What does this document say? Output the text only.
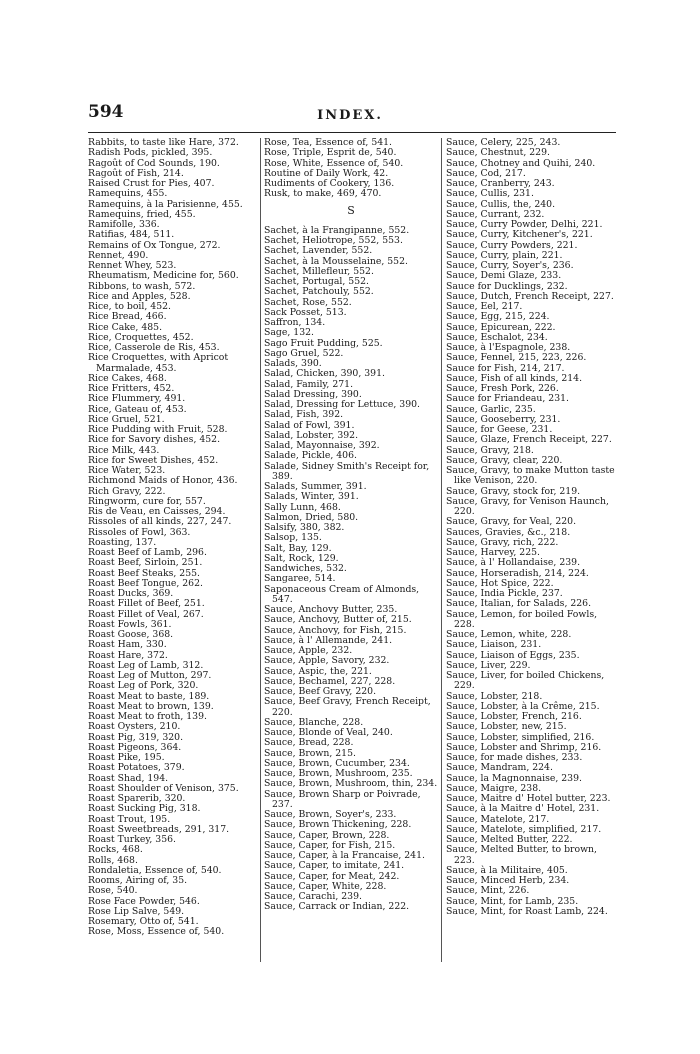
594	INDEX.

Rabbits, to taste like Hare, 372.

Radish Pods, pickled, 395.

Ragoût of Cod Sounds, 190.

Ragoût of Fish, 214.

Raised Crust for Pies, 407.

Ramequins, 455.

Ramequins, à la Parisienne, 455.

Ramequins, fried, 455.

Ramifolle, 336.

Ratifias, 484, 511.

Remains of Ox Tongue, 272.

Rennet, 490.

Rennet Whey, 523.

Rheumatism, Medicine for, 560.

Ribbons, to wash, 572.

Rice and Apples, 528.

Rice, to boil, 452.

Rice Bread, 466.

Rice Cake, 485.

Rice, Croquettes, 452.

Rice, Casserole de Ris, 453.

Rice Croquettes, with Apricot Marmalade, 453.

Rice Cakes, 468.

Rice Fritters, 452.

Rice Flummery, 491.

Rice, Gateau of, 453.

Rice Gruel, 521.

Rice Pudding with Fruit, 528.

Rice for Savory dishes, 452.

Rice Milk, 443.

Rice for Sweet Dishes, 452.

Rice Water, 523.

Richmond Maids of Honor, 436.

Rich Gravy, 222.

Ringworm, cure for, 557.

Ris de Veau, en Caisses, 294.

Rissoles of all kinds, 227, 247.

Rissoles of Fowl, 363.

Roasting, 137.

Roast Beef of Lamb, 296.

Roast Beef, Sirloin, 251.

Roast Beef Steaks, 255.

Roast Beef Tongue, 262.

Roast Ducks, 369.

Roast Fillet of Beef, 251.

Roast Fillet of Veal, 267.

Roast Fowls, 361.

Roast Goose, 368.

Roast Ham, 330.

Roast Hare, 372.

Roast Leg of Lamb, 312.

Roast Leg of Mutton, 297.

Roast Leg of Pork, 320.

Roast Meat to baste, 189.

Roast Meat to brown, 139.

Roast Meat to froth, 139.

Roast Oysters, 210.

Roast Pig, 319, 320.

Roast Pigeons, 364.

Roast Pike, 195.

Roast Potatoes, 379.

Roast Shad, 194.

Roast Shoulder of Venison, 375.

Roast Sparerib, 320.

Roast Sucking Pig, 318.

Roast Trout, 195.

Roast Sweetbreads, 291, 317.

Roast Turkey, 356.

Rocks, 468.

Rolls, 468.

Rondaletia, Essence of, 540.

Rooms, Airing of, 35.

Rose, 540.

Rose Face Powder, 546.

Rose Lip Salve, 549.

Rosemary, Otto of, 541.

Rose, Moss, Essence of, 540.

Rose, Tea, Essence of, 541.

Rose, Triple, Esprit de, 540.

Rose, White, Essence of, 540.

Routine of Daily Work, 42.

Rudiments of Cookery, 136.

Rusk, to make, 469, 470.

S

Sachet, à la Frangipanne, 552.

Sachet, Heliotrope, 552, 553.

Sachet, Lavender, 552.

Sachet, à la Mousselaine, 552.

Sachet, Millefleur, 552.

Sachet, Portugal, 552.

Sachet, Patchouly, 552.

Sachet, Rose, 552.

Sack Posset, 513.

Saffron, 134.

Sage, 132.

Sago Fruit Pudding, 525.

Sago Gruel, 522.

Salads, 390.

Salad, Chicken, 390, 391.

Salad, Family, 271.

Salad Dressing, 390.

Salad, Dressing for Lettuce, 390.

Salad, Fish, 392.

Salad of Fowl, 391.

Salad, Lobster, 392.

Salad, Mayonnaise, 392.

Salade, Pickle, 406.

Salade, Sidney Smith's Receipt for, 389.

Salads, Summer, 391.

Salads, Winter, 391.

Sally Lunn, 468.

Salmon, Dried, 580.

Salsify, 380, 382.

Salsop, 135.

Salt, Bay, 129.

Salt, Rock, 129.

Sandwiches, 532.

Sangaree, 514.

Saponaceous Cream of Almonds, 547.

Sauce, Anchovy Butter, 235.

Sauce, Anchovy, Butter of, 215.

Sauce, Anchovy, for Fish, 215.

Sauce, à l' Allemande, 241.

Sauce, Apple, 232.

Sauce, Apple, Savory, 232.

Sauce, Aspic, the, 221.

Sauce, Bechamel, 227, 228.

Sauce, Beef Gravy, 220.

Sauce, Beef Gravy, French Receipt, 220.

Sauce, Blanche, 228.

Sauce, Blonde of Veal, 240.

Sauce, Bread, 228.

Sauce, Brown, 215.

Sauce, Brown, Cucumber, 234.

Sauce, Brown, Mushroom, 235.

Sauce, Brown, Mushroom, thin, 234.

Sauce, Brown Sharp or Poivrade, 237.

Sauce, Brown, Soyer's, 233.

Sauce, Brown Thickening, 228.

Sauce, Caper, Brown, 228.

Sauce, Caper, for Fish, 215.

Sauce, Caper, à la Francaise, 241.

Sauce, Caper, to imitate, 241.

Sauce, Caper, for Meat, 242.

Sauce, Caper, White, 228.

Sauce, Carachi, 239.

Sauce, Carrack or Indian, 222.

Sauce, Celery, 225, 243.

Sauce, Chestnut, 229.

Sauce, Chotney and Quihi, 240.

Sauce, Cod, 217.

Sauce, Cranberry, 243.

Sauce, Cullis, 231.

Sauce, Cullis, the, 240.

Sauce, Currant, 232.

Sauce, Curry Powder, Delhi, 221.

Sauce, Curry, Kitchener's, 221.

Sauce, Curry Powders, 221.

Sauce, Curry, plain, 221.

Sauce, Curry, Soyer's, 236.

Sauce, Demi Glaze, 233.

Sauce for Ducklings, 232.

Sauce, Dutch, French Receipt, 227.

Sauce, Eel, 217.

Sauce, Egg, 215, 224.

Sauce, Epicurean, 222.

Sauce, Eschalot, 234.

Sauce, à l'Espagnole, 238.

Sauce, Fennel, 215, 223, 226.

Sauce for Fish, 214, 217.

Sauce, Fish of all kinds, 214.

Sauce, Fresh Pork, 226.

Sauce for Friandeau, 231.

Sauce, Garlic, 235.

Sauce, Gooseberry, 231.

Sauce, for Geese, 231.

Sauce, Glaze, French Receipt, 227.

Sauce, Gravy, 218.

Sauce, Gravy, clear, 220.

Sauce, Gravy, to make Mutton taste like Venison, 220.

Sauce, Gravy, stock for, 219.

Sauce, Gravy, for Venison Haunch, 220.

Sauce, Gravy, for Veal, 220.

Sauces, Gravies, &c., 218.

Sauce, Gravy, rich, 222.

Sauce, Harvey, 225.

Sauce, à l' Hollandaise, 239.

Sauce, Horseradish, 214, 224.

Sauce, Hot Spice, 222.

Sauce, India Pickle, 237.

Sauce, Italian, for Salads, 226.

Sauce, Lemon, for boiled Fowls, 228.

Sauce, Lemon, white, 228.

Sauce, Liaison, 231.

Sauce, Liaison of Eggs, 235.

Sauce, Liver, 229.

Sauce, Liver, for boiled Chickens, 229.

Sauce, Lobster, 218.

Sauce, Lobster, à la Crême, 215.

Sauce, Lobster, French, 216.

Sauce, Lobster, new, 215.

Sauce, Lobster, simplified, 216.

Sauce, Lobster and Shrimp, 216.

Sauce, for made dishes, 233.

Sauce, Mandram, 224.

Sauce, la Magnonnaise, 239.

Sauce, Maigre, 238.

Sauce, Maitre d' Hotel butter, 223.

Sauce, à la Maitre d' Hotel, 231.

Sauce, Matelote, 217.

Sauce, Matelote, simplified, 217.

Sauce, Melted Butter, 222.

Sauce, Melted Butter, to brown, 223.

Sauce, à la Militaire, 405.

Sauce, Minced Herb, 234.

Sauce, Mint, 226.

Sauce, Mint, for Lamb, 235.

Sauce, Mint, for Roast Lamb, 224.
